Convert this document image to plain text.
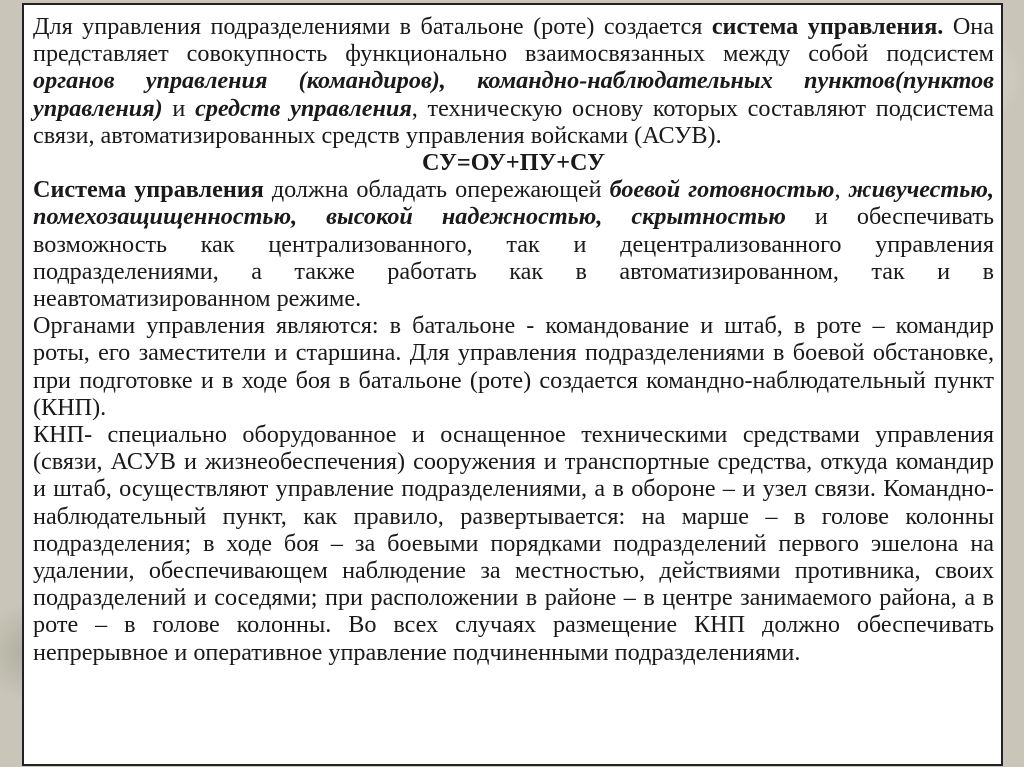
Для управления подразделениями в батальоне (роте) создается система управления. Она представляет совокупность функционально взаимосвязанных между собой подсистем органов управления (командиров), командно-наблюдательных пунктов(пунктов управления) и средств управления, техническую основу которых составляют подсистема связи, автоматизированных средств управления войсками (АСУВ).

СУ=ОУ+ПУ+СУ

Система управления должна обладать опережающей боевой готовностью, живучестью, помехозащищенностью, высокой надежностью, скрытностью и обеспечивать возможность как централизованного, так и децентрализованного управления подразделениями, а также работать как в автоматизированном, так и в неавтоматизированном режиме.

Органами управления являются: в батальоне - командование и штаб, в роте – командир роты, его заместители и старшина. Для управления подразделениями в боевой обстановке, при подготовке и в ходе боя в батальоне (роте) создается командно-наблюдательный пункт (КНП).

КНП- специально оборудованное и оснащенное техническими средствами управления (связи, АСУВ и жизнеобеспечения) сооружения и транспортные средства, откуда командир и штаб, осуществляют управление подразделениями, а в обороне – и узел связи. Командно-наблюдательный пункт, как правило, развертывается: на марше – в голове колонны подразделения; в ходе боя – за боевыми порядками подразделений первого эшелона на удалении, обеспечивающем наблюдение за местностью, действиями противника, своих подразделений и соседями; при расположении в районе – в центре занимаемого района, а в роте – в голове колонны. Во всех случаях размещение КНП должно обеспечивать непрерывное и оперативное управление подчиненными подразделениями.
